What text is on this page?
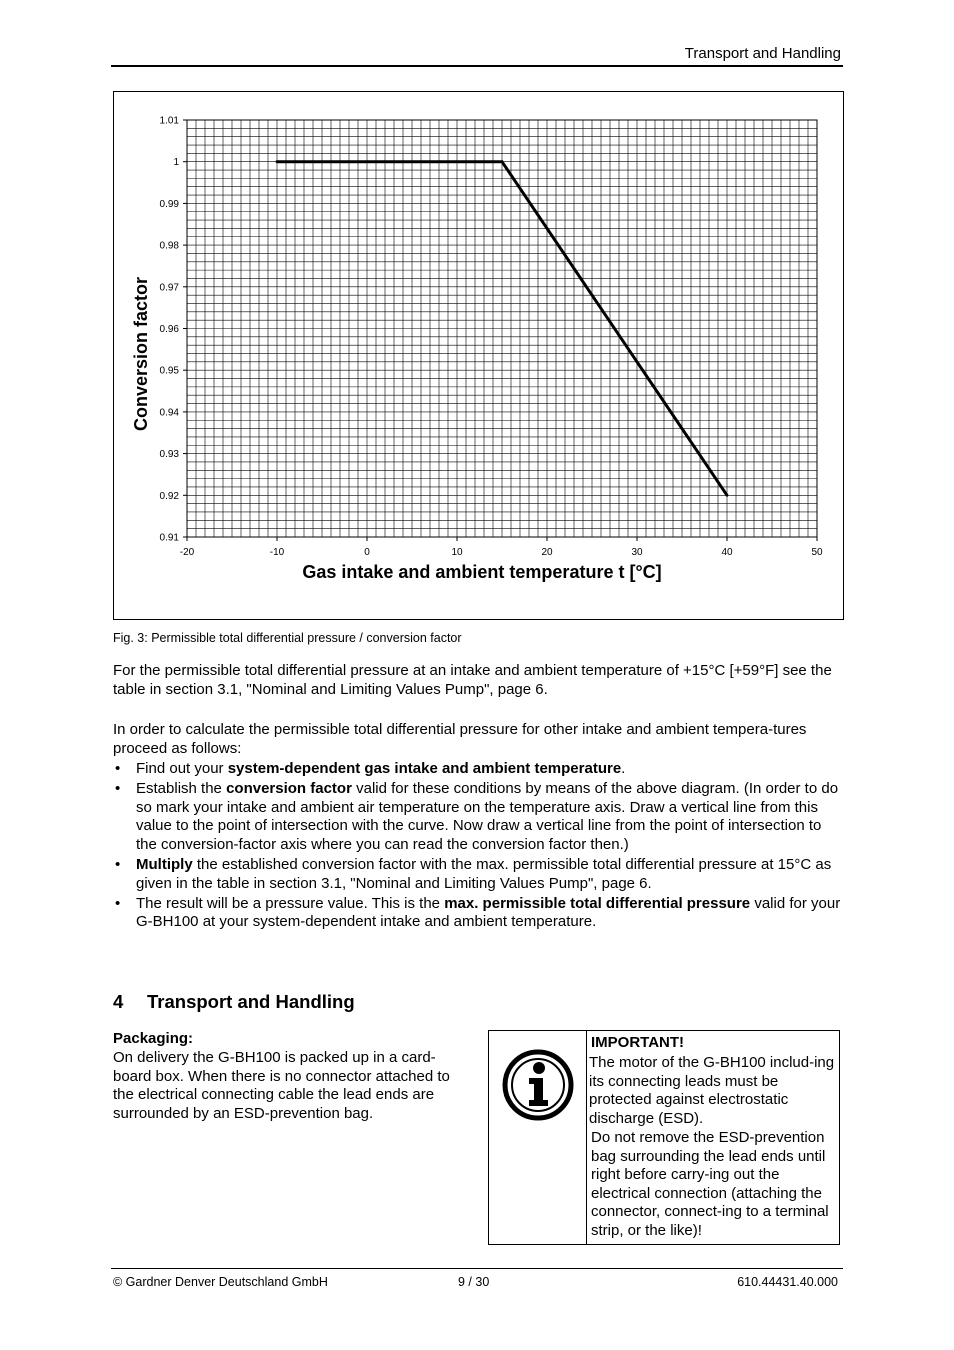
Transport and Handling
0.91
0.92
0.93
0.94
0.95
0.96
0.97
0.98
0.99
1
1.01
-20	-10	0	10	20	30	40	50
Gas intake and ambient temperature t [°C]
Conversion factor
Fig. 3: Permissible total differential pressure / conversion factor
For the permissible total differential pressure at an intake and ambient temperature of +15°C [+59°F] see the table in section 3.1, "Nominal and Limiting Values Pump", page 6.
In order to calculate the permissible total differential pressure for other intake and ambient tempera-tures proceed as follows:
• Find out your system-dependent gas intake and ambient temperature.
• Establish the conversion factor valid for these conditions by means of the above diagram. (In order to do so mark your intake and ambient air temperature on the temperature axis. Draw a vertical line from this value to the point of intersection with the curve. Now draw a vertical line from the point of intersection to the conversion-factor axis where you can read the conversion factor then.)
• Multiply the established conversion factor with the max. permissible total differential pressure at 15°C as given in the table in section 3.1, "Nominal and Limiting Values Pump", page 6.
• The result will be a pressure value. This is the max. permissible total differential pressure valid for your G-BH100 at your system-dependent intake and ambient temperature.
4 Transport and Handling
Packaging:
On delivery the G-BH100 is packed up in a card-board box. When there is no connector attached to the electrical connecting cable the lead ends are surrounded by an ESD-prevention bag.
IMPORTANT!
The motor of the G-BH100 includ-ing its connecting leads must be protected against electrostatic discharge (ESD).
Do not remove the ESD-prevention bag surrounding the lead ends until right before carry-ing out the electrical connection (attaching the connector, connect-ing to a terminal strip, or the like)!
© Gardner Denver Deutschland GmbH	9 / 30	610.44431.40.000
